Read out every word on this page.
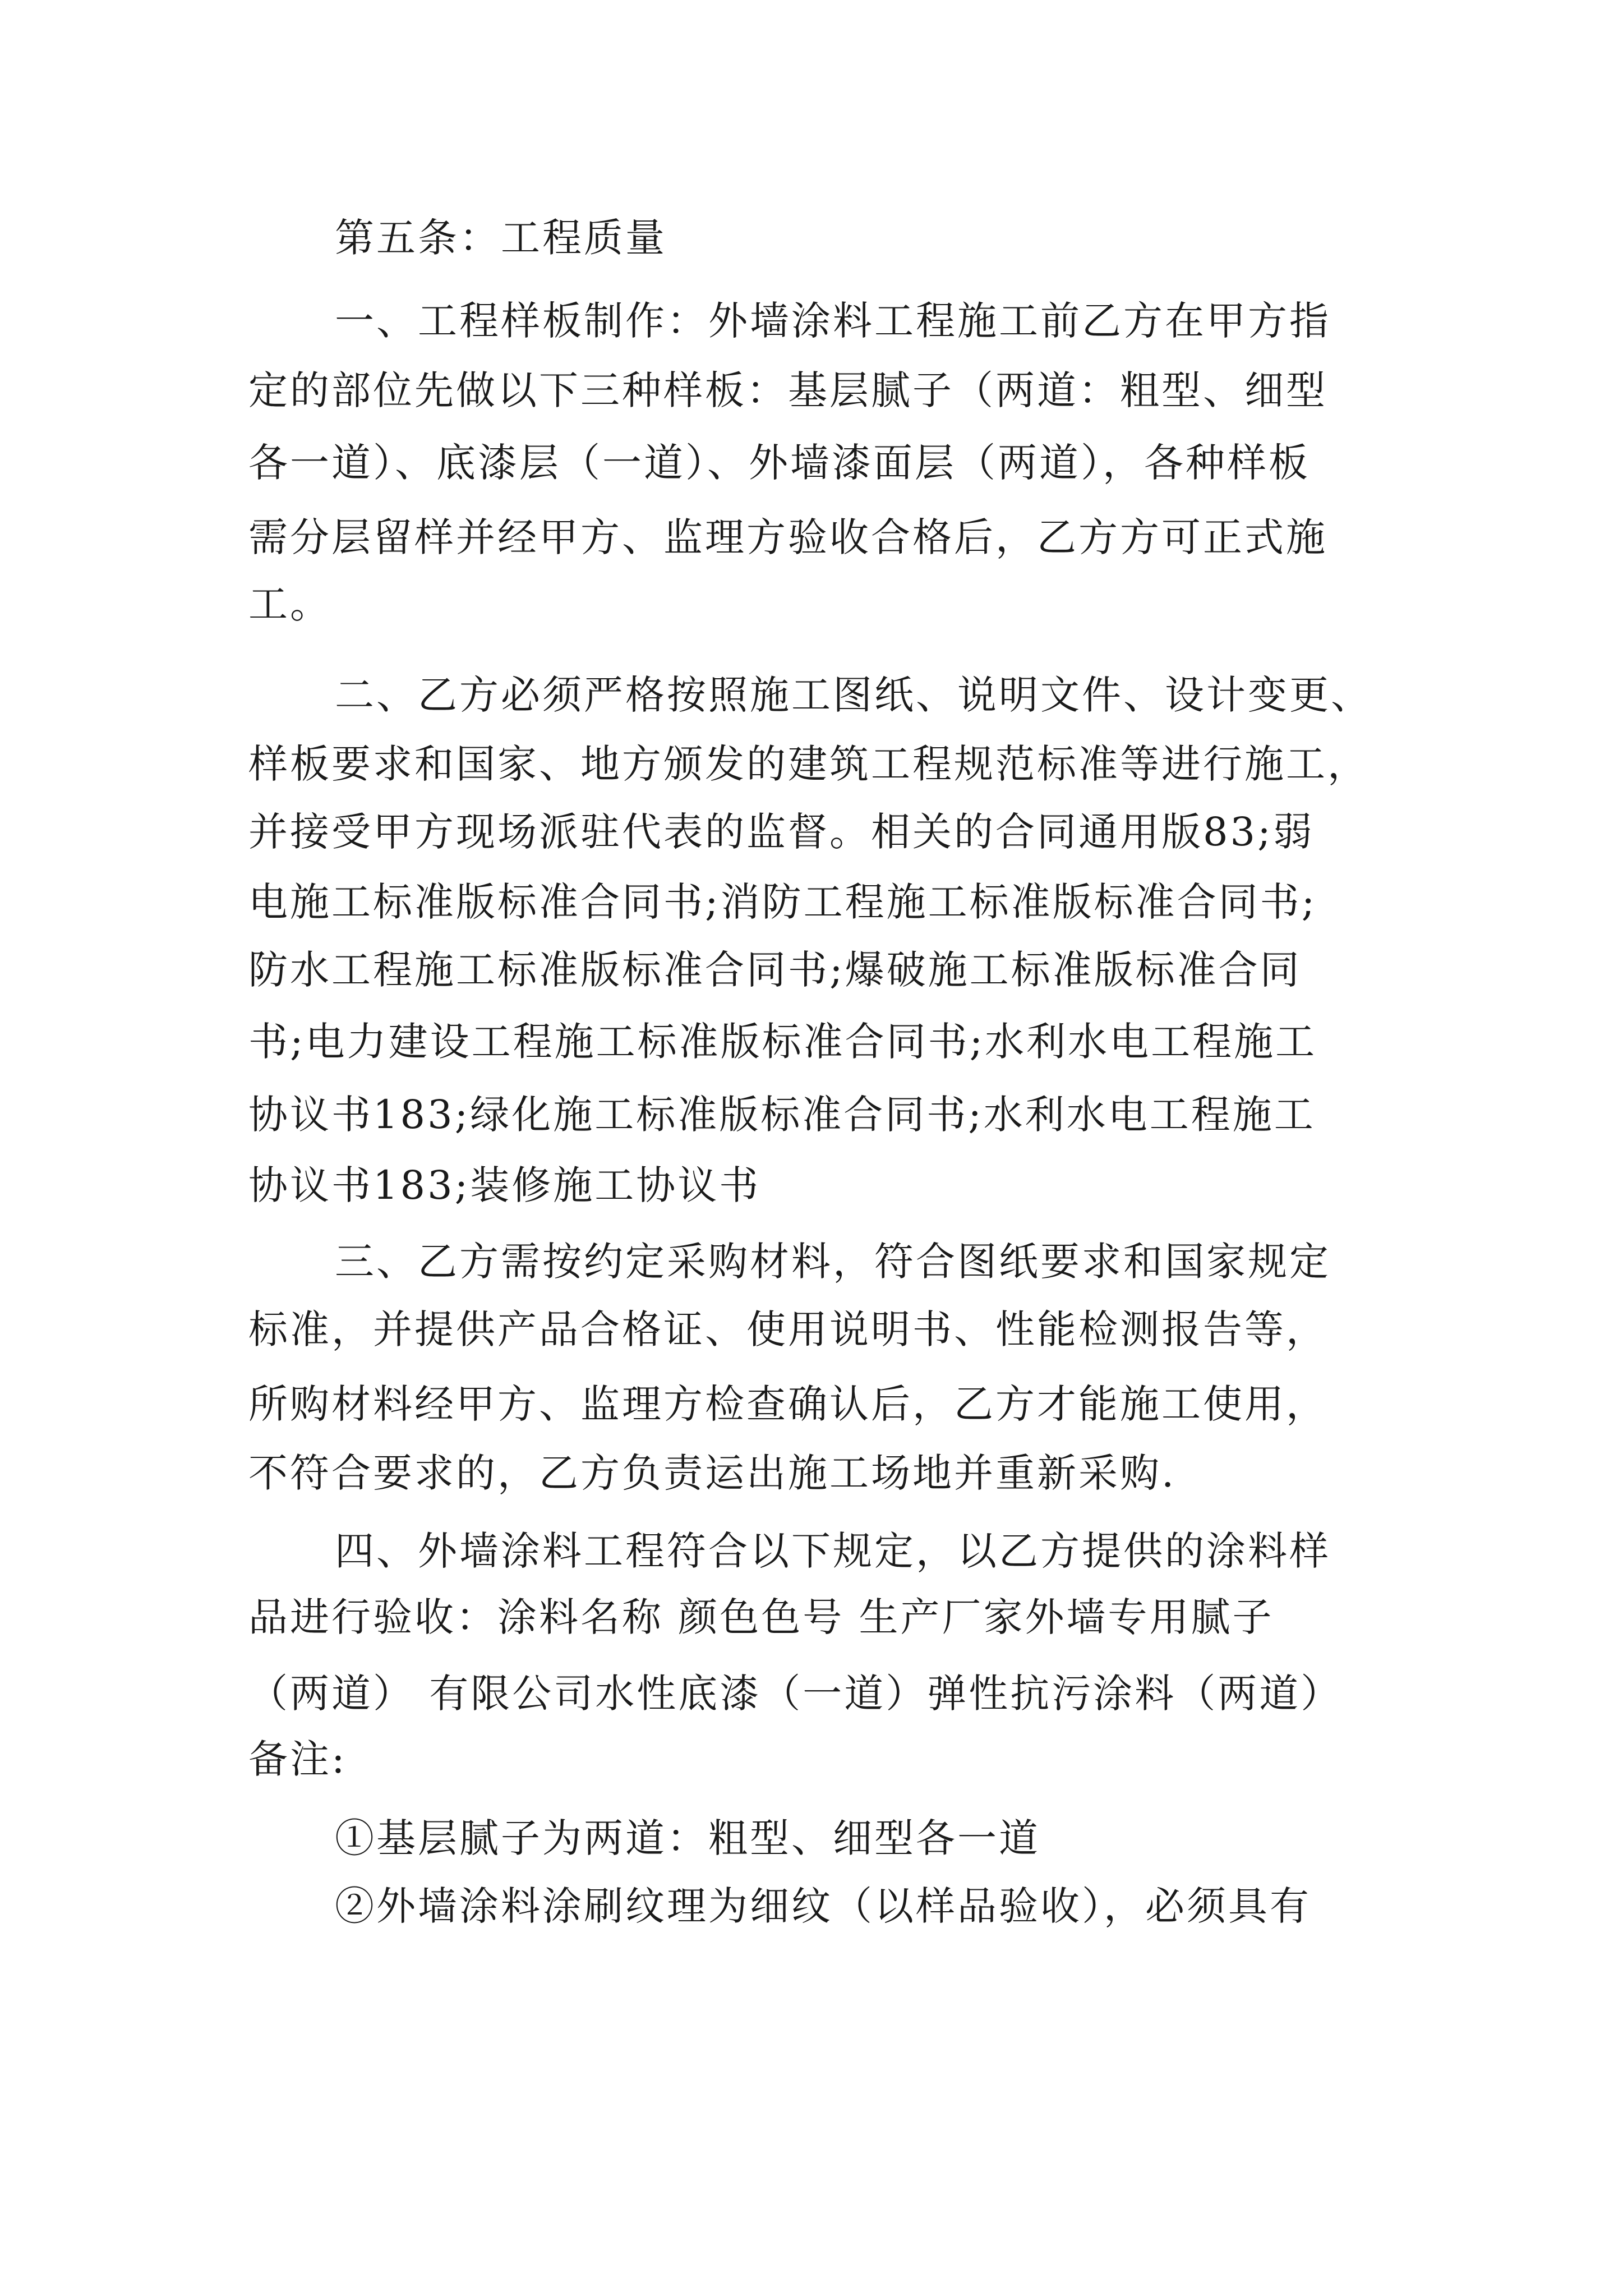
第五条：工程质量
一、工程样板制作：外墙涂料工程施工前乙方在甲方指
定的部位先做以下三种样板：基层腻子（两道：粗型、细型
各一道）、底漆层（一道）、外墙漆面层（两道），各种样板
需分层留样并经甲方、监理方验收合格后，乙方方可正式施
工。
二、乙方必须严格按照施工图纸、说明文件、设计变更、
样板要求和国家、地方颁发的建筑工程规范标准等进行施工，
并接受甲方现场派驻代表的监督。相关的合同通用版83;弱
电施工标准版标准合同书;消防工程施工标准版标准合同书;
防水工程施工标准版标准合同书;爆破施工标准版标准合同
书;电力建设工程施工标准版标准合同书;水利水电工程施工
协议书183;绿化施工标准版标准合同书;水利水电工程施工
协议书183;装修施工协议书
三、乙方需按约定采购材料，符合图纸要求和国家规定
标准，并提供产品合格证、使用说明书、性能检测报告等，
所购材料经甲方、监理方检查确认后，乙方才能施工使用，
不符合要求的，乙方负责运出施工场地并重新采购.
四、外墙涂料工程符合以下规定，以乙方提供的涂料样
品进行验收：涂料名称 颜色色号 生产厂家外墙专用腻子
（两道） 有限公司水性底漆（一道）弹性抗污涂料（两道）
备注:
①基层腻子为两道：粗型、细型各一道
②外墙涂料涂刷纹理为细纹（以样品验收），必须具有
